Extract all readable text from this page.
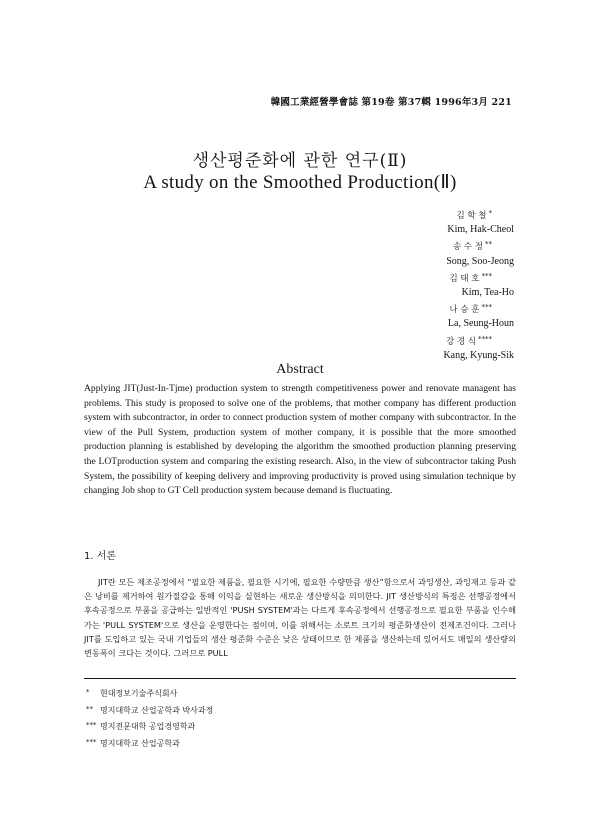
韓國工業經營學會誌 第19卷 第37輯 1996年3月 221
생산평준화에 관한 연구(Ⅱ)
A study on the Smoothed Production(Ⅱ)
김 학 철 *
Kim, Hak-Cheol
송 수 정 **
Song, Soo-Jeong
김 태 호 ***
Kim, Tea-Ho
나 승 훈 ***
La, Seung-Houn
강 경 식 ****
Kang, Kyung-Sik
Abstract
Applying JIT(Just-In-Tjme) production system to strength competitiveness power and renovate managent has problems. This study is proposed to solve one of the problems, that mother company has different production system with subcontractor, in order to connect production system of mother company with subcontractor. In the view of the Pull System, production system of mother company, it is possible that the more smoothed production planning is established by developing the algorithm the smoothed production planning preserving the LOTproduction system and comparing the existing research. Also, in the view of subcontractor taking Push System, the possibility of keeping delivery and improving productivity is proved using simulation technique by changing Job shop to GT Cell production system because demand is fluctuating.
1. 서론
JIT란 모든 제조공정에서 “필요한 제품을, 필요한 시기에, 필요한 수량만큼 생산”함으로서 과잉생산, 과잉재고 등과 같은 낭비를 제거하여 원가절감을 통해 이익을 실현하는 새로운 생산방식을 의미한다. JIT 생산방식의 특징은 선행공정에서 후속공정으로 부품을 공급하는 일반적인 'PUSH SYSTEM'과는 다르게 후속공정에서 선행공정으로 필요한 부품을 인수해 가는 'PULL SYSTEM'으로 생산을 운영한다는 점이며, 이를 위해서는 소로트 크기의 평준화생산이 전제조건이다. 그러나 JIT를 도입하고 있는 국내 기업들의 생산 평준화 수준은 낮은 상태이므로 한 제품을 생산하는데 있어서도 매일의 생산량의 변동폭이 크다는 것이다. 그러므로 PULL
* 현대정보기술주식회사
** 명지대학교 산업공학과 박사과정
*** 명지전문대학 공업경영학과
*** 명지대학교 산업공학과
